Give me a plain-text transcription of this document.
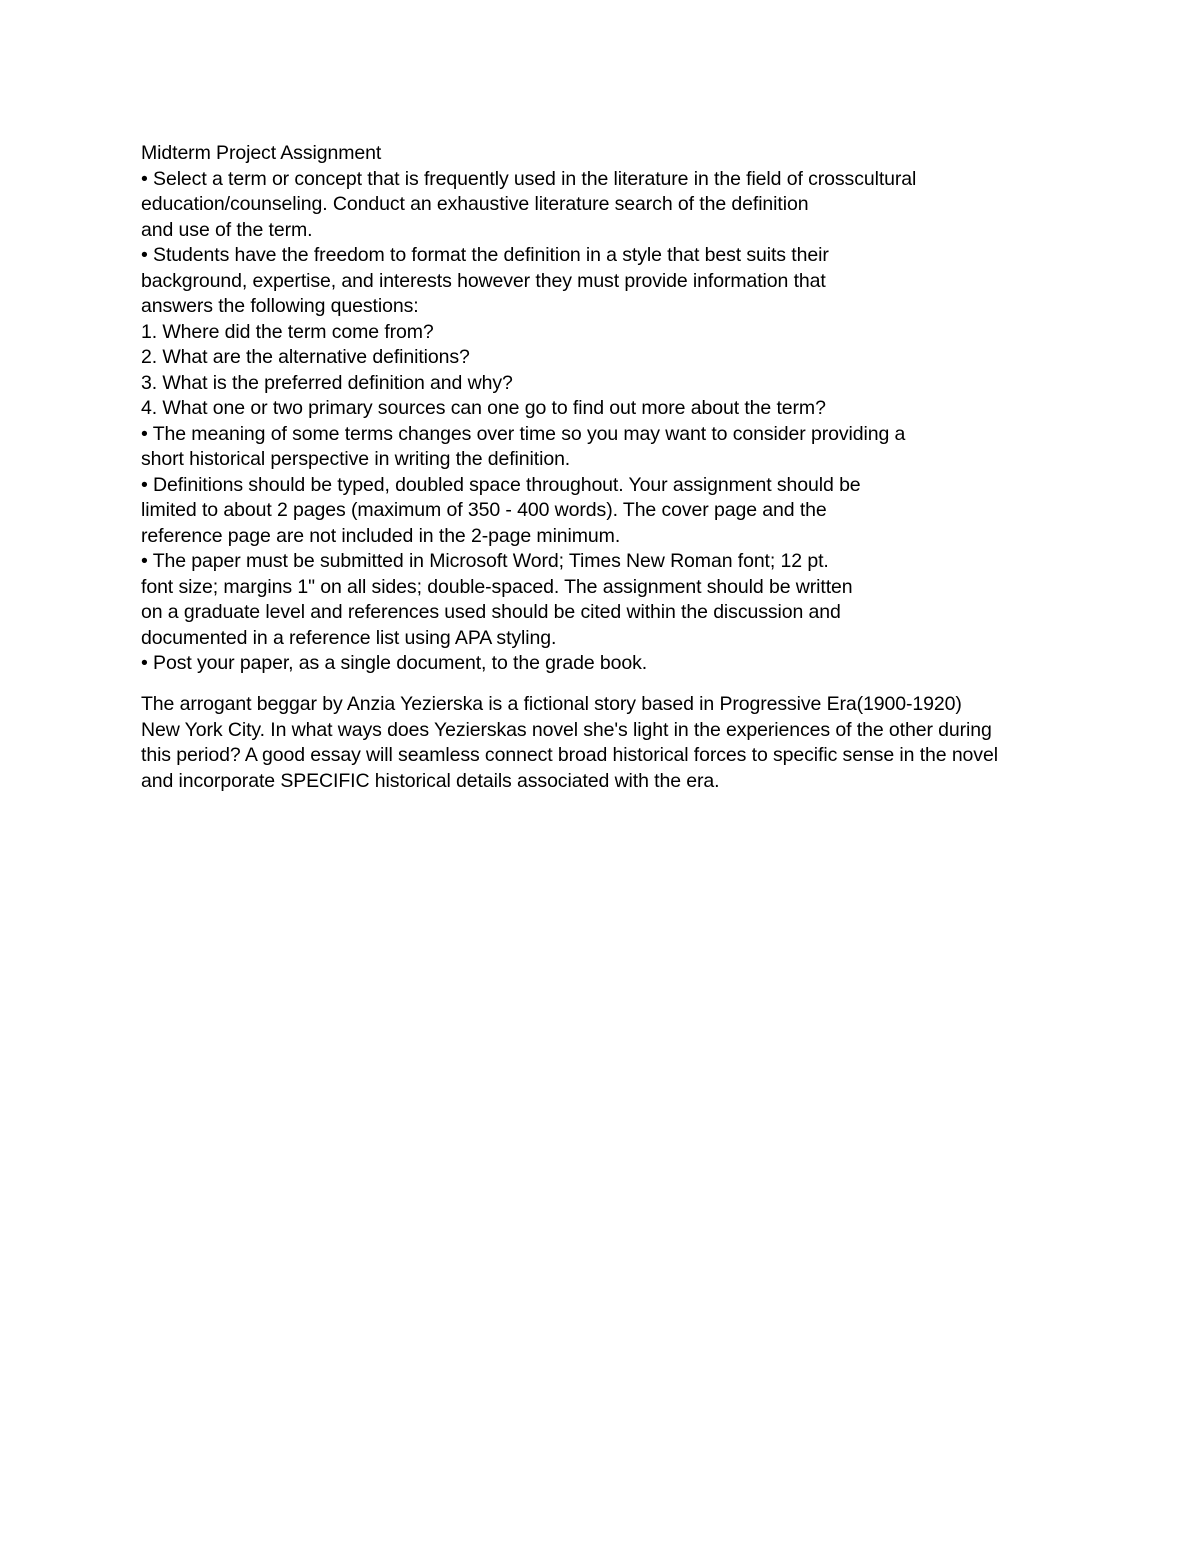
Midterm Project Assignment
• Select a term or concept that is frequently used in the literature in the field of crosscultural
education/counseling. Conduct an exhaustive literature search of the definition
and use of the term.
• Students have the freedom to format the definition in a style that best suits their
background, expertise, and interests however they must provide information that
answers the following questions:
1. Where did the term come from?
2. What are the alternative definitions?
3. What is the preferred definition and why?
4. What one or two primary sources can one go to find out more about the term?
• The meaning of some terms changes over time so you may want to consider providing a
short historical perspective in writing the definition.
• Definitions should be typed, doubled space throughout. Your assignment should be
limited to about 2 pages (maximum of 350 - 400 words). The cover page and the
reference page are not included in the 2-page minimum.
• The paper must be submitted in Microsoft Word; Times New Roman font; 12 pt.
font size; margins 1" on all sides; double-spaced. The assignment should be written
on a graduate level and references used should be cited within the discussion and
documented in a reference list using APA styling.
• Post your paper, as a single document, to the grade book.
The arrogant beggar by Anzia Yezierska is a fictional story based in Progressive Era(1900-1920)
New York City. In what ways does Yezierskas novel she's light in the experiences of the other during
this period? A good essay will seamless connect broad historical forces to specific sense in the novel
and incorporate SPECIFIC historical details associated with the era.
